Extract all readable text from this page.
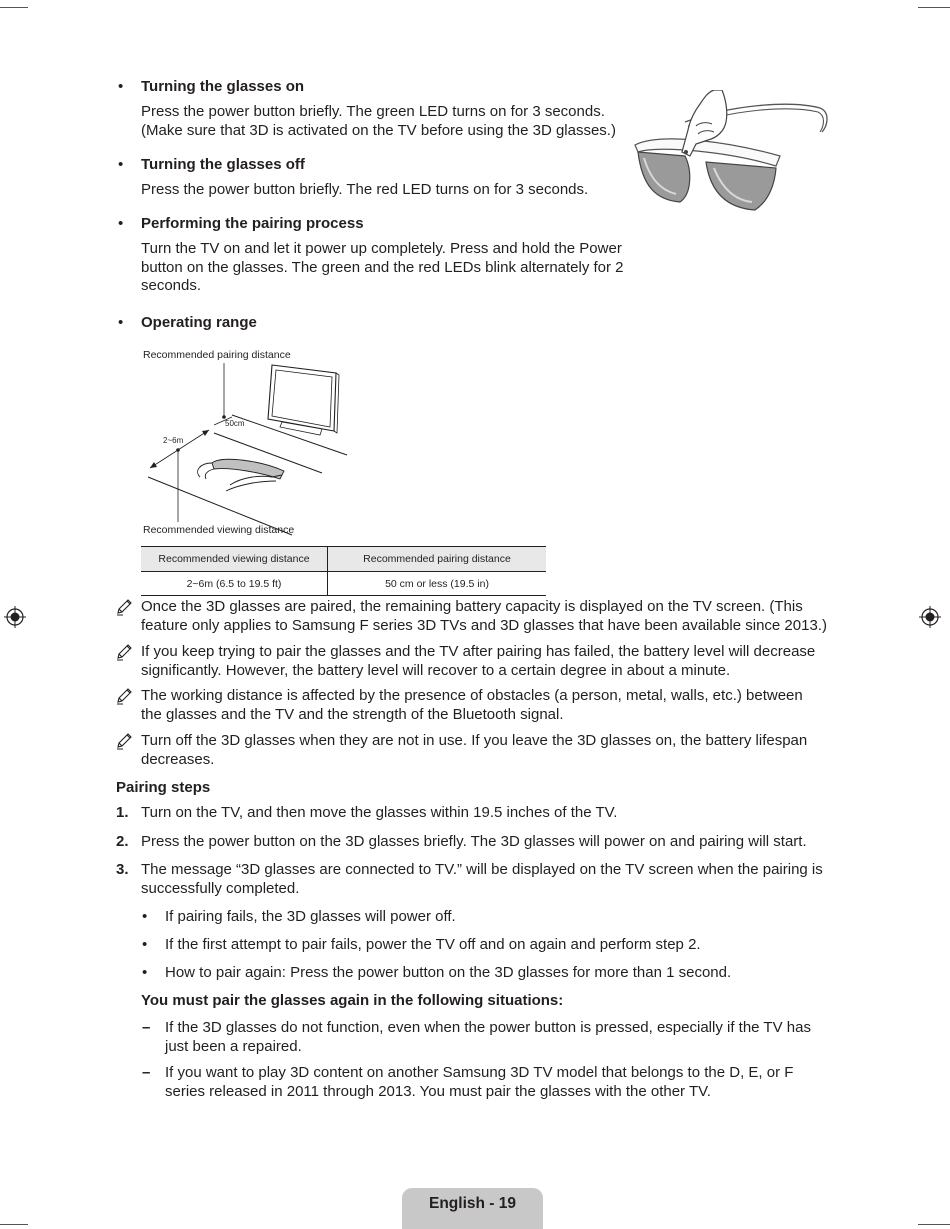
• Turning the glasses on
Press the power button briefly. The green LED turns on for 3 seconds.
(Make sure that 3D is activated on the TV before using the 3D glasses.)
• Turning the glasses off
Press the power button briefly. The red LED turns on for 3 seconds.
• Performing the pairing process
Turn the TV on and let it power up completely. Press and hold the Power
button on the glasses. The green and the red LEDs blink alternately for 2
seconds.
• Operating range
Recommended pairing distance
Recommended viewing distance
50cm
2~6m
Recommended viewing distance	Recommended pairing distance
2~6m (6.5 to 19.5 ft)	50 cm or less (19.5 in)
Once the 3D glasses are paired, the remaining battery capacity is displayed on the TV screen. (This
feature only applies to Samsung F series 3D TVs and 3D glasses that have been available since 2013.)
If you keep trying to pair the glasses and the TV after pairing has failed, the battery level will decrease
significantly. However, the battery level will recover to a certain degree in about a minute.
The working distance is affected by the presence of obstacles (a person, metal, walls, etc.) between
the glasses and the TV and the strength of the Bluetooth signal.
Turn off the 3D glasses when they are not in use. If you leave the 3D glasses on, the battery lifespan
decreases.
Pairing steps
1. Turn on the TV, and then move the glasses within 19.5 inches of the TV.
2. Press the power button on the 3D glasses briefly. The 3D glasses will power on and pairing will start.
3. The message “3D glasses are connected to TV.” will be displayed on the TV screen when the pairing is
successfully completed.
• If pairing fails, the 3D glasses will power off.
• If the first attempt to pair fails, power the TV off and on again and perform step 2.
• How to pair again: Press the power button on the 3D glasses for more than 1 second.
You must pair the glasses again in the following situations:
– If the 3D glasses do not function, even when the power button is pressed, especially if the TV has
just been a repaired.
– If you want to play 3D content on another Samsung 3D TV model that belongs to the D, E, or F
series released in 2011 through 2013. You must pair the glasses with the other TV.
English - 19
